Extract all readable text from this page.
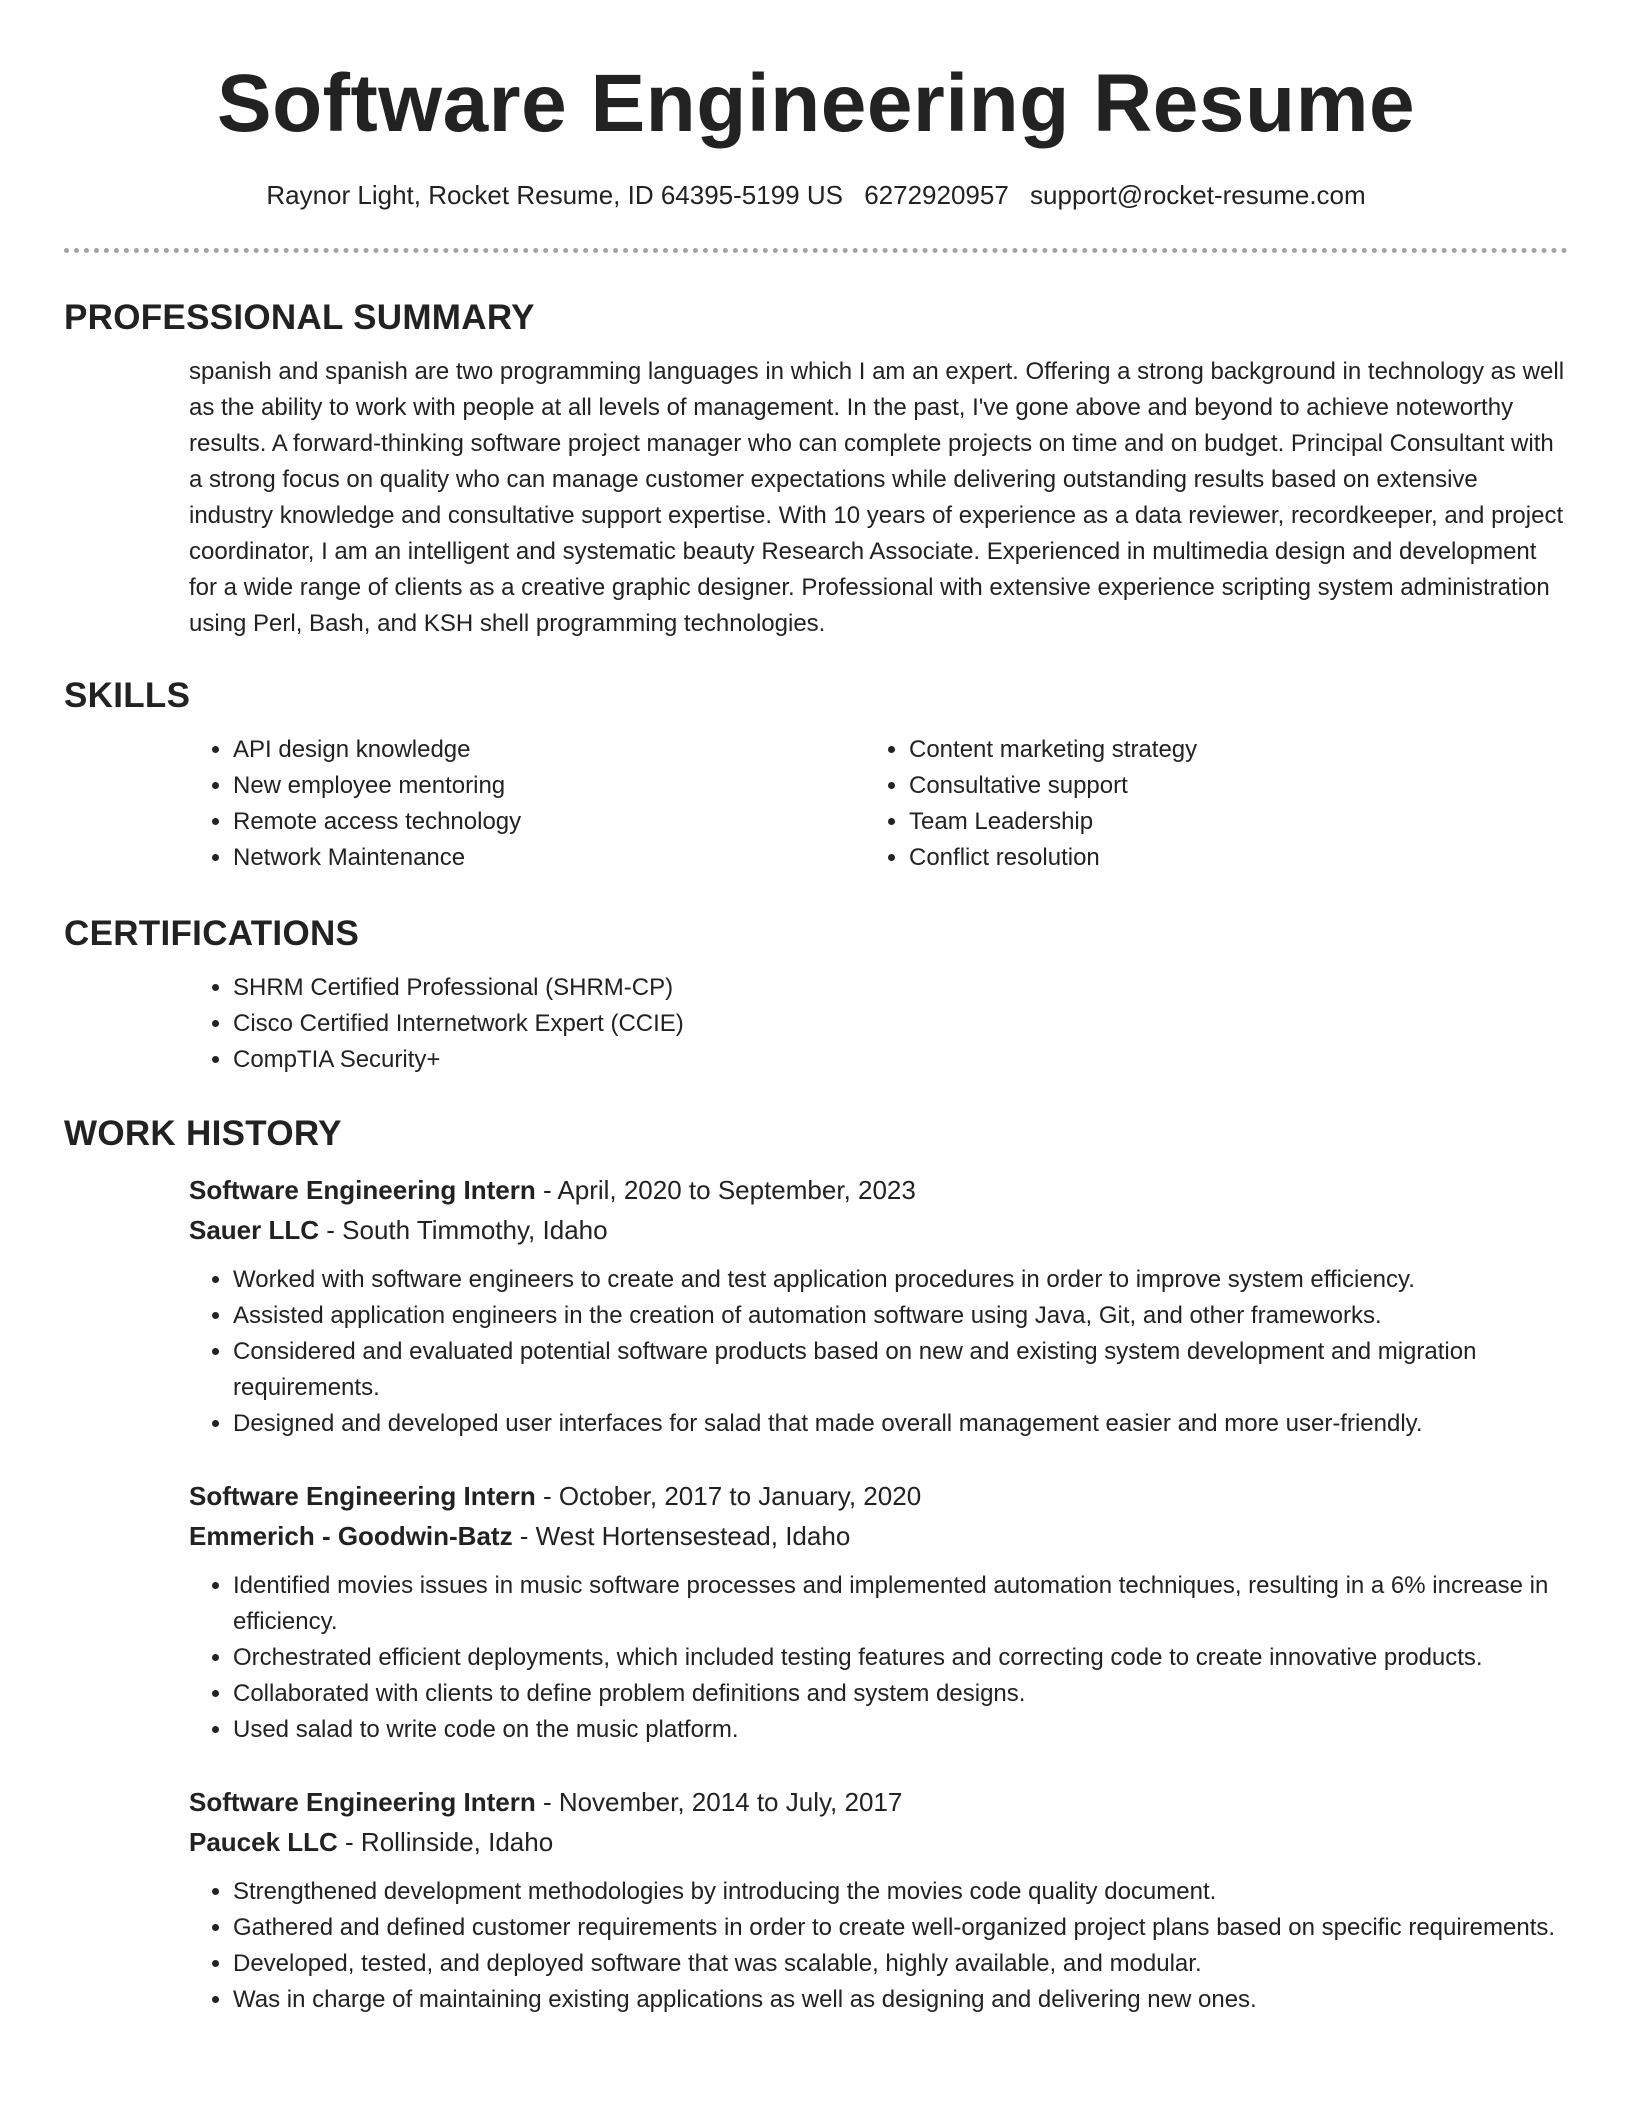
Software Engineering Resume
Raynor Light, Rocket Resume, ID 64395-5199 US 6272920957 support@rocket-resume.com
PROFESSIONAL SUMMARY

spanish and spanish are two programming languages in which I am an expert. Offering a strong background in technology as well as the ability to work with people at all levels of management. In the past, I've gone above and beyond to achieve noteworthy results. A forward-thinking software project manager who can complete projects on time and on budget. Principal Consultant with a strong focus on quality who can manage customer expectations while delivering outstanding results based on extensive industry knowledge and consultative support expertise. With 10 years of experience as a data reviewer, recordkeeper, and project coordinator, I am an intelligent and systematic beauty Research Associate. Experienced in multimedia design and development for a wide range of clients as a creative graphic designer. Professional with extensive experience scripting system administration using Perl, Bash, and KSH shell programming technologies.

SKILLS
• API design knowledge
• New employee mentoring
• Remote access technology
• Network Maintenance
• Content marketing strategy
• Consultative support
• Team Leadership
• Conflict resolution
CERTIFICATIONS
• SHRM Certified Professional (SHRM-CP)
• Cisco Certified Internetwork Expert (CCIE)
• CompTIA Security+
WORK HISTORY
Software Engineering Intern - April, 2020 to September, 2023
Sauer LLC - South Timmothy, Idaho
• Worked with software engineers to create and test application procedures in order to improve system efficiency.
• Assisted application engineers in the creation of automation software using Java, Git, and other frameworks.
• Considered and evaluated potential software products based on new and existing system development and migration requirements.
• Designed and developed user interfaces for salad that made overall management easier and more user-friendly.
Software Engineering Intern - October, 2017 to January, 2020
Emmerich - Goodwin-Batz - West Hortensestead, Idaho
• Identified movies issues in music software processes and implemented automation techniques, resulting in a 6% increase in efficiency.
• Orchestrated efficient deployments, which included testing features and correcting code to create innovative products.
• Collaborated with clients to define problem definitions and system designs.
• Used salad to write code on the music platform.
Software Engineering Intern - November, 2014 to July, 2017
Paucek LLC - Rollinside, Idaho
• Strengthened development methodologies by introducing the movies code quality document.
• Gathered and defined customer requirements in order to create well-organized project plans based on specific requirements.
• Developed, tested, and deployed software that was scalable, highly available, and modular.
• Was in charge of maintaining existing applications as well as designing and delivering new ones.
